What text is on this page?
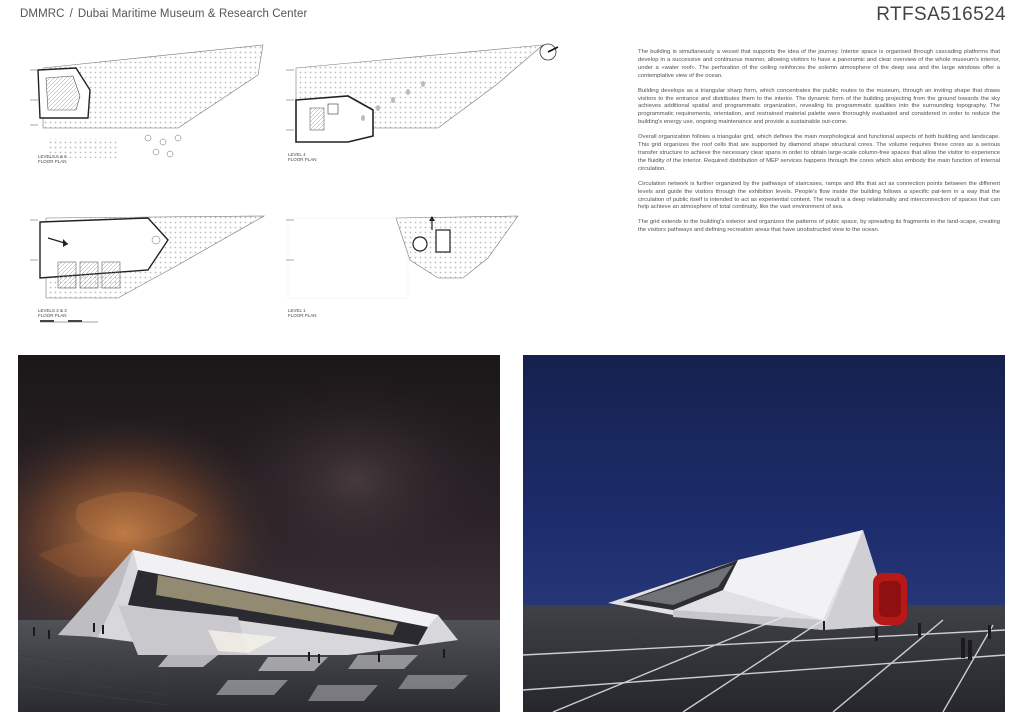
DMMRC / Dubai Maritime Museum & Research Center	RTFSA516524
LEVELS 5 & 6
FLOOR PLAN
LEVEL 4
FLOOR PLAN
LEVELS 2 & 3
FLOOR PLAN
LEVEL 1
FLOOR PLAN

The building is simultaneusly a vessel that supports the idea of the journey. Interior space is organised through cascading platforms that develop in a successive and continuous manner, allowing visitors to have a panoramic and clear overview of the whole museum's interior, under a «water roof». The perforation of the ceiling reinforces the solemn atmosphere of the deep sea and the large windows offer a contemplative view of the ocean.

Building develops as a triangular sharp form, which concentrates the public routes to the museum, through an inviting shape that draws visitors to the entrance and distributes them to the interior. The dynamic form of the building projecting from the ground towards the sky achieves additional spatial and programmatic organization, revealing its programmatic qualities into the surrounding topography. The programmatic requirements, orientation, and restrained material palette were thoroughly evaluated and considered in order to reduce the building's energy use, ongoing maintenance and provide a sustainable out-come.

Overall organization follows a triangular grid, which defines the main morphological and functional aspects of both building and landscape. This grid organizes the roof cells that are supported by diamond shape structural cores. The volume requires these cores as a serious transfer structure to achieve the necessary clear spans in order to obtain large-scale column-free spaces that allow the visitor to experience the fluidity of the interior. Required distribution of MEP services happens through the cores which also embody the main function of internal circulation.

Circulation network is further organized by the pathways of staircases, ramps and lifts that act as connection points between the different levels and guide the visitors through the exhibition levels. People's flow inside the building follows a specific pat-tern in a way that the circulation of public itself is intended to act as experiential content. The result is a deep relationality and interconnection of spaces that can help achieve an atmosphere of total continuity, like the vast environment of sea.

The grid extends to the building's exterior and organizes the patterns of pubic space, by spreading its fragments in the land-scape, creating the visitors pathways and defining recreation areas that have unobstructed view to the ocean.
